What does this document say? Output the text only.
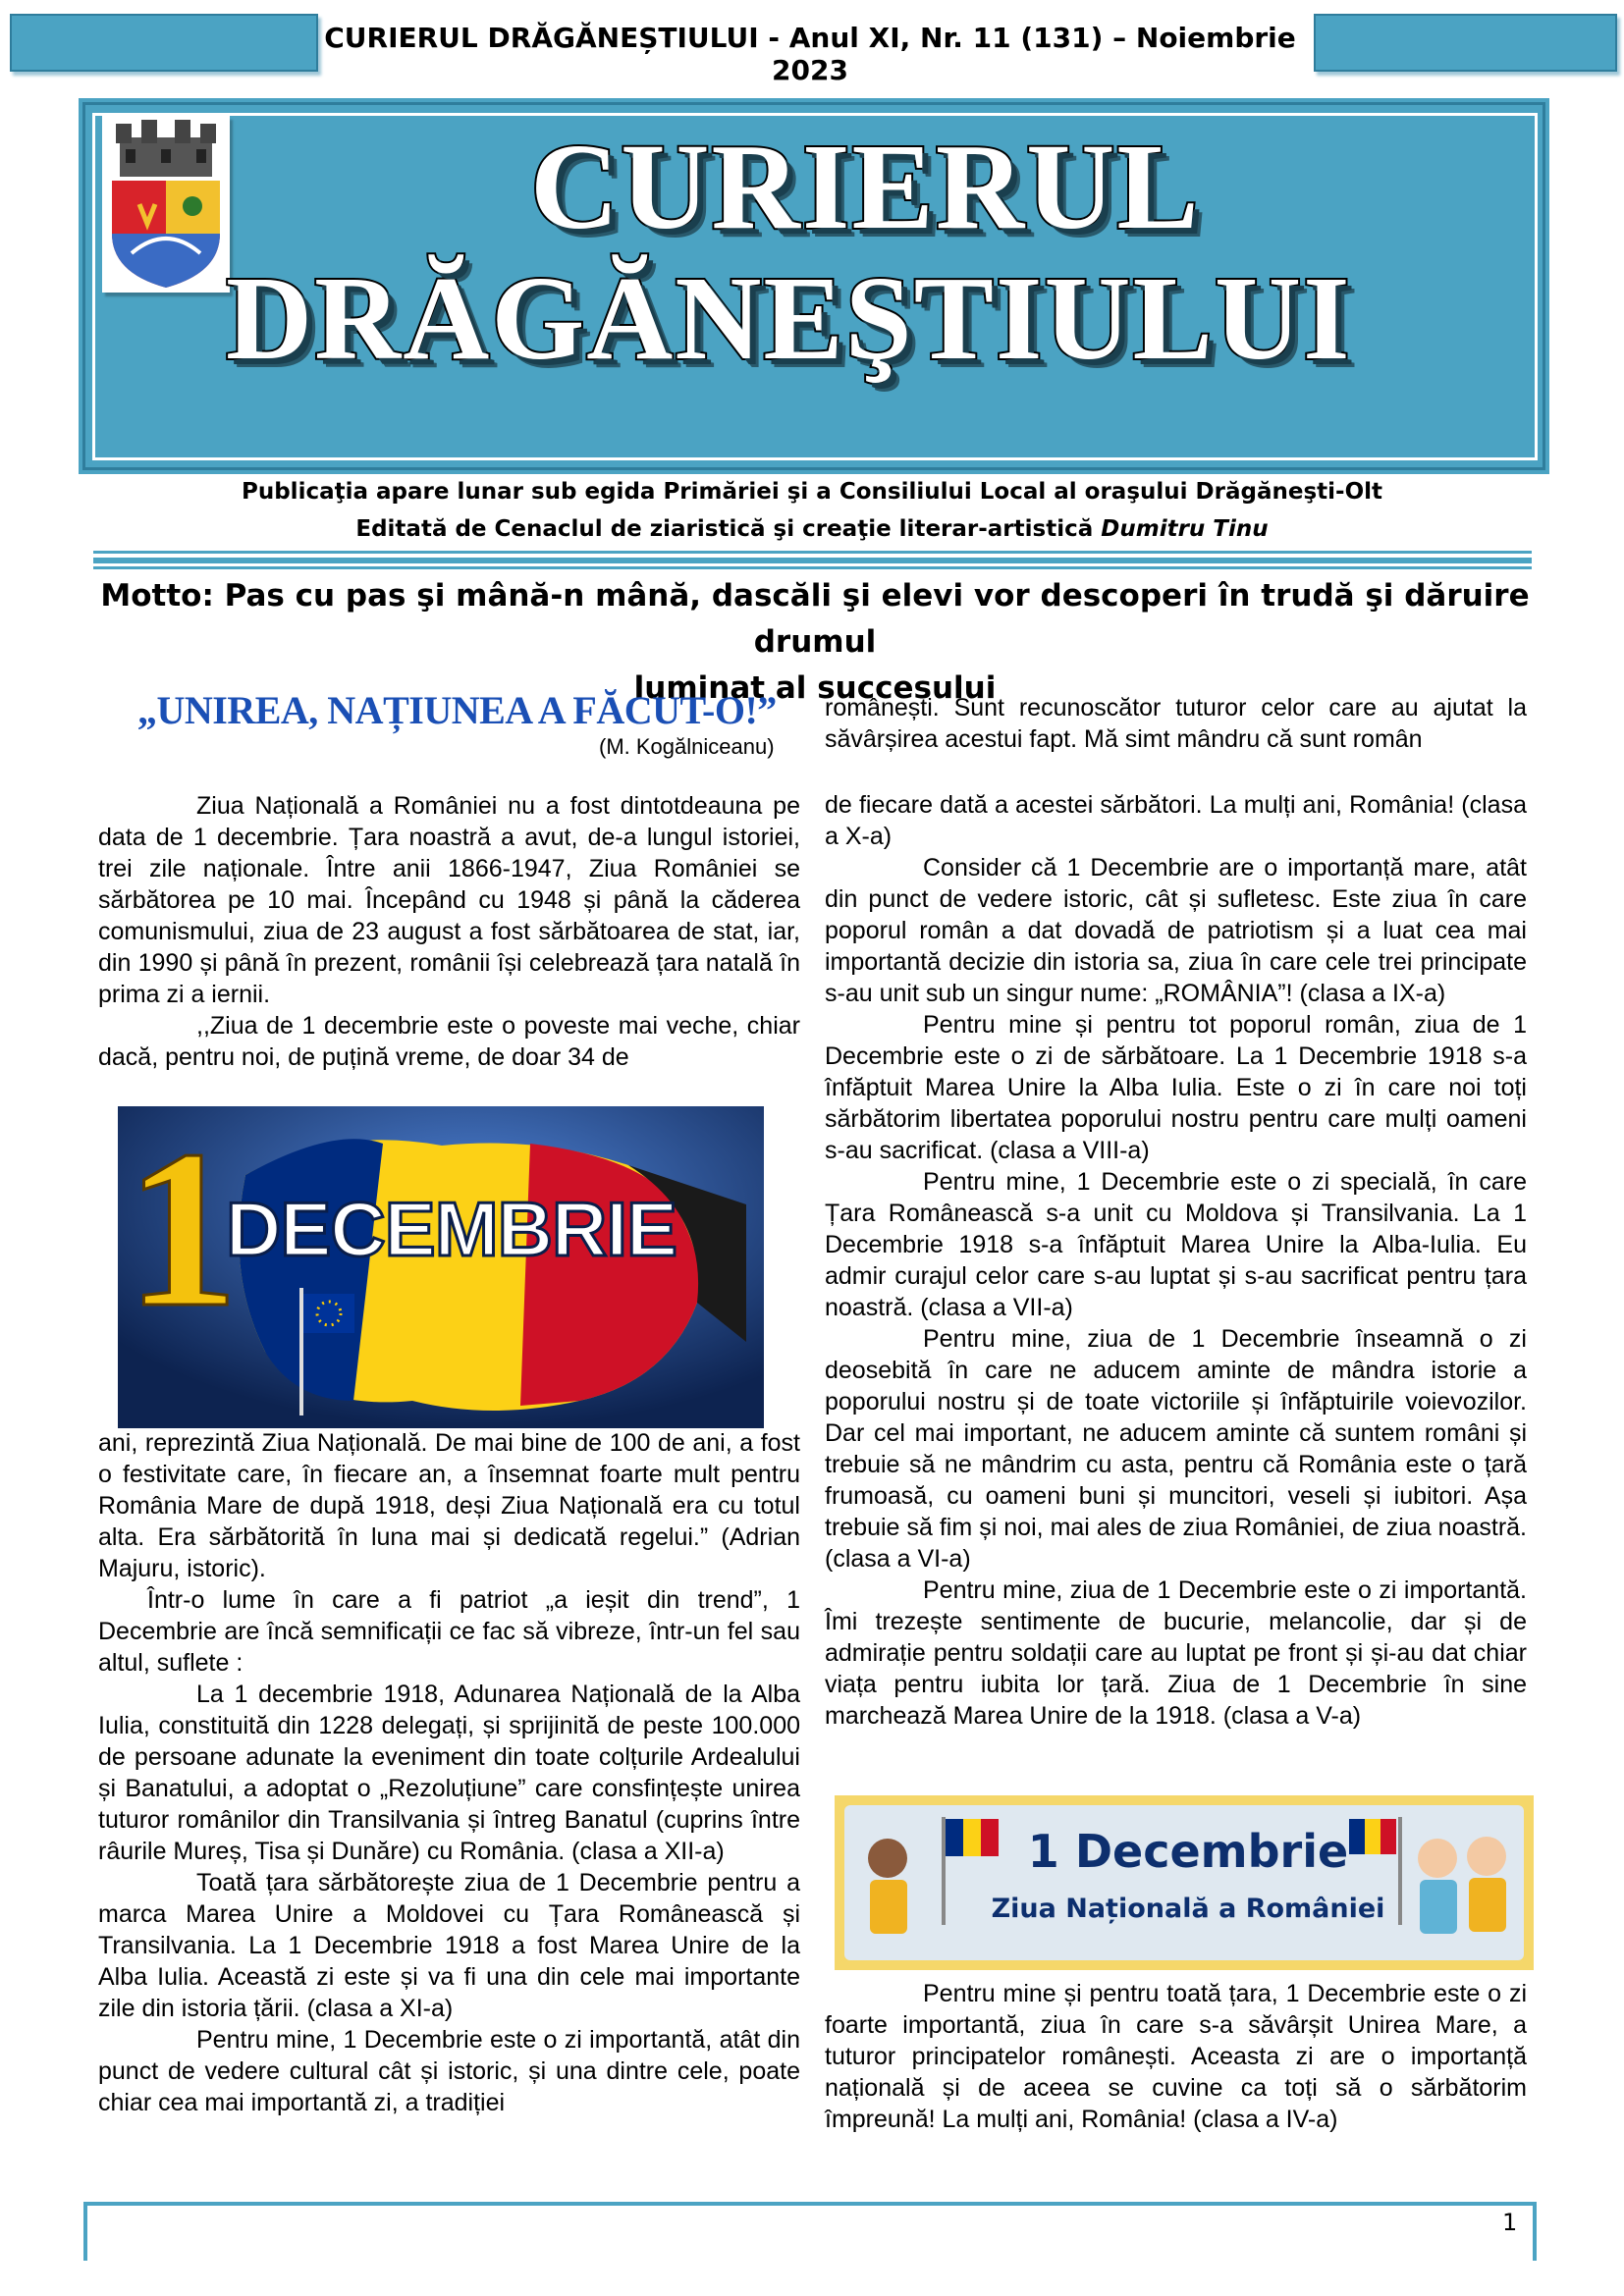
CURIERUL DRĂGĂNEȘTIULUI - Anul XI, Nr. 11 (131) – Noiembrie 2023
CURIERUL
DRĂGĂNEŞTIULUI
Publicaţia apare lunar sub egida Primăriei şi a Consiliului Local al oraşului Drăgăneşti-Olt
Editată de Cenaclul de ziaristică şi creaţie literar-artistică Dumitru Tinu
Motto: Pas cu pas şi mână-n mână, dascăli şi elevi vor descoperi în trudă şi dăruire drumul
luminat al succesului
„UNIREA, NAȚIUNEA A FĂCUT-O!”
(M. Kogălniceanu)

Ziua Națională a României nu a fost dintotdeauna pe data de 1 decembrie. Țara noastră a avut, de-a lungul istoriei, trei zile naționale. Între anii 1866-1947, Ziua României se sărbătorea pe 10 mai. Începând cu 1948 și până la căderea comunismului, ziua de 23 august a fost sărbătoarea de stat, iar, din 1990 și până în prezent, românii își celebrează țara natală în prima zi a iernii.

,,Ziua de 1 decembrie este o poveste mai veche, chiar dacă, pentru noi, de puțină vreme, de doar 34 de

1
DECEMBRIE

ani, reprezintă Ziua Națională. De mai bine de 100 de ani, a fost o festivitate care, în fiecare an, a însemnat foarte mult pentru România Mare de după 1918, deși Ziua Națională era cu totul alta. Era sărbătorită în luna mai și dedicată regelui.” (Adrian Majuru, istoric).

Într-o lume în care a fi patriot „a ieșit din trend”, 1 Decembrie are încă semnificații ce fac să vibreze, într-un fel sau altul, suflete :

La 1 decembrie 1918, Adunarea Națională de la Alba Iulia, constituită din 1228 delegați, și sprijinită de peste 100.000 de persoane adunate la eveniment din toate colțurile Ardealului și Banatului, a adoptat o „Rezoluțiune” care consfințește unirea tuturor românilor din Transilvania și întreg Banatul (cuprins între râurile Mureș, Tisa și Dunăre) cu România. (clasa a XII-a)

Toată țara sărbătorește ziua de 1 Decembrie pentru a marca Marea Unire a Moldovei cu Țara Românească și Transilvania. La 1 Decembrie 1918 a fost Marea Unire de la Alba Iulia. Această zi este și va fi una din cele mai importante zile din istoria țării. (clasa a XI-a)

Pentru mine, 1 Decembrie este o zi importantă, atât din punct de vedere cultural cât și istoric, și una dintre cele, poate chiar cea mai importantă zi, a tradiției

românești. Sunt recunoscător tuturor celor care au ajutat la săvârșirea acestui fapt. Mă simt mândru că sunt român

de fiecare dată a acestei sărbători. La mulți ani, România! (clasa a X-a)

Consider că 1 Decembrie are o importanță mare, atât din punct de vedere istoric, cât și sufletesc. Este ziua în care poporul român a dat dovadă de patriotism și a luat cea mai importantă decizie din istoria sa, ziua în care cele trei principate s-au unit sub un singur nume: „ROMÂNIA”! (clasa a IX-a)

Pentru mine și pentru tot poporul român, ziua de 1 Decembrie este o zi de sărbătoare. La 1 Decembrie 1918 s-a înfăptuit Marea Unire la Alba Iulia. Este o zi în care noi toți sărbătorim libertatea poporului nostru pentru care mulți oameni s-au sacrificat. (clasa a VIII-a)

Pentru mine, 1 Decembrie este o zi specială, în care Țara Românească s-a unit cu Moldova și Transilvania. La 1 Decembrie 1918 s-a înfăptuit Marea Unire la Alba-Iulia. Eu admir curajul celor care s-au luptat și s-au sacrificat pentru țara noastră. (clasa a VII-a)

Pentru mine, ziua de 1 Decembrie înseamnă o zi deosebită în care ne aducem aminte de mândra istorie a poporului nostru și de toate victoriile și înfăptuirile voievozilor. Dar cel mai important, ne aducem aminte că suntem români și trebuie să ne mândrim cu asta, pentru că România este o țară frumoasă, cu oameni buni și muncitori, veseli și iubitori. Așa trebuie să fim și noi, mai ales de ziua României, de ziua noastră. (clasa a VI-a)

Pentru mine, ziua de 1 Decembrie este o zi importantă. Îmi trezește sentimente de bucurie, melancolie, dar și de admirație pentru soldații care au luptat pe front și și-au dat chiar viața pentru iubita lor țară. Ziua de 1 Decembrie în sine marchează Marea Unire de la 1918. (clasa a V-a)

1 Decembrie
Ziua Națională a României

Pentru mine și pentru toată țara, 1 Decembrie este o zi foarte importantă, ziua în care s-a săvârșit Unirea Mare, a tuturor principatelor românești. Aceasta zi are o importanță națională și de aceea se cuvine ca toți să o sărbătorim împreună! La mulți ani, România! (clasa a IV-a)

1
